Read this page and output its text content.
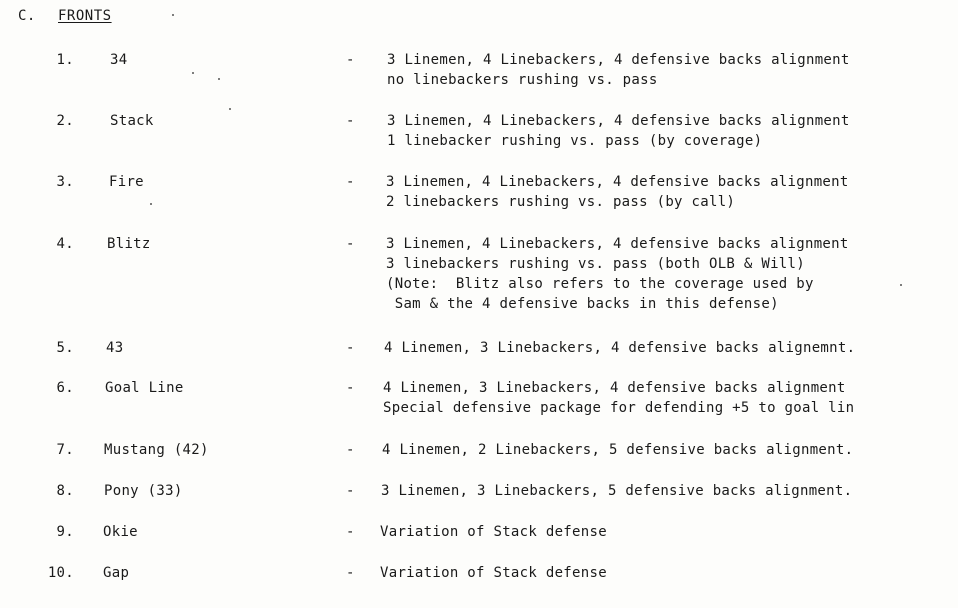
C. FRONTS
1.	34	- 3 Linemen, 4 Linebackers, 4 defensive backs alignment
no linebackers rushing vs. pass
2.	Stack	- 3 Linemen, 4 Linebackers, 4 defensive backs alignment
1 linebacker rushing vs. pass (by coverage)
3.	Fire	- 3 Linemen, 4 Linebackers, 4 defensive backs alignment
2 linebackers rushing vs. pass (by call)
4. Blitz	- 3 Linemen, 4 Linebackers, 4 defensive backs alignment
3 linebackers rushing vs. pass (both OLB & Will)
(Note:  Blitz also refers to the coverage used by
Sam & the 4 defensive backs in this defense)
5. 43	- 4 Linemen, 3 Linebackers, 4 defensive backs alignemnt.
6. Goal Line	- 4 Linemen, 3 Linebackers, 4 defensive backs alignment
Special defensive package for defending +5 to goal lin
7. Mustang (42)	- 4 Linemen, 2 Linebackers, 5 defensive backs alignment.
8. Pony (33)	- 3 Linemen, 3 Linebackers, 5 defensive backs alignment.
9. Okie	- Variation of Stack defense
10. Gap	- Variation of Stack defense
